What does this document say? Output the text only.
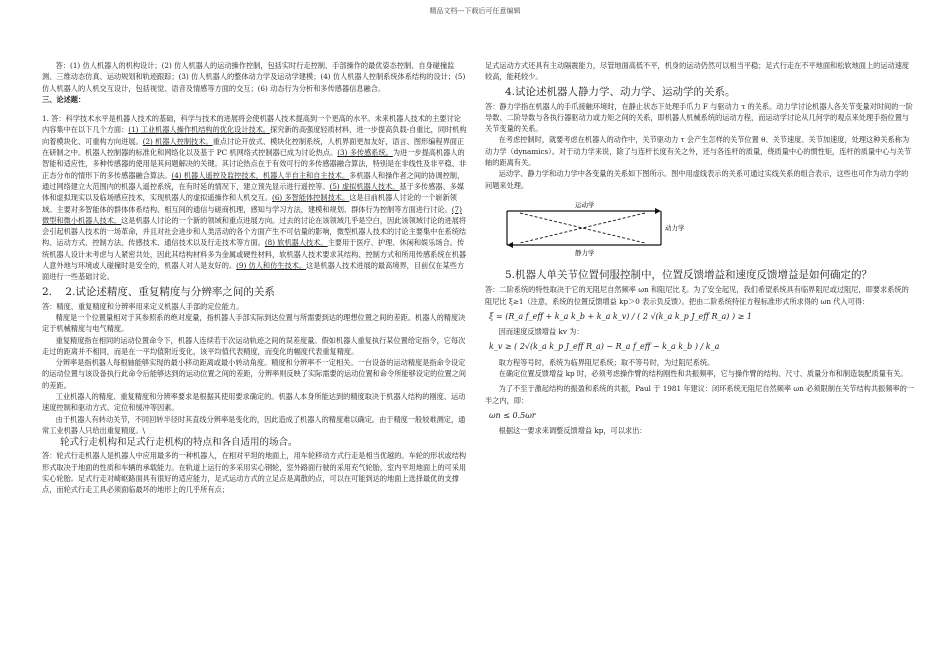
精品文档---下载后可任意编辑

答：(1) 仿人机器人的机构设计；(2) 仿人机器人的运动操作控制，包括实时行走控制、手部操作的最优姿态控制、自身碰撞监测、三维动态仿真、运动规划和轨迹跟踪；(3) 仿人机器人的整体动力学及运动学建模；(4) 仿人机器人控制系统体系结构的设计；(5) 仿人机器人的人机交互设计，包括视觉、语音及情感等方面的交互；(6) 动态行为分析和多传感器信息融合。

三、论述题：

1. 答：科学技术水平是机器人技术的基础，科学与技术的进展将会使机器人技术提高到一个更高的水平。未来机器人技术的主要讨论内容集中在以下几个方面：(1) 工业机器人操作机结构的优化设计技术。探究新的高强度轻质材料，进一步提高负载-自重比，同时机构向着模块化、可重构方向进展。(2) 机器人控制技术。重点讨论开放式、模块化控制系统，人机界面更加友好，语言、图形编程界面正在研制之中。机器人控制器的标准化和网络化以及基于 PC 机网络式控制器已成为讨论热点。(3) 多传感系统。为进一步提高机器人的智能和适应性，多种传感器的使用是其问题解决的关键。其讨论热点在于有效可行的多传感器融合算法，特别是在非线性及非平稳、非正态分布的情形下的多传感器融合算法。(4) 机器人遥控及监控技术，机器人半自主和自主技术。多机器人和操作者之间的协调控制，通过网络建立大范围内的机器人遥控系统，在有时延的情况下，建立预先显示进行遥控等。(5) 虚拟机器人技术。基于多传感器、多媒体和虚拟现实以及临场感应技术，实现机器人的虚拟遥操作和人机交互。(6) 多智能体控制技术。这是目前机器人讨论的一个崭新领域。主要对多智能体的群体体系结构、相互间的通信与磋商机理，感知与学习方法，建模和规划、群体行为控制等方面进行讨论。(7) 微型和微小机器人技术。这是机器人讨论的一个新的领域和重点进展方向。过去的讨论在该领域几乎是空白，因此该领域讨论的进展将会引起机器人技术的一场革命，并且对社会进步和人类活动的各个方面产生不可估量的影响，微型机器人技术的讨论主要集中在系统结构、运动方式、控制方法、传感技术、通信技术以及行走技术等方面。(8) 软机器人技术。主要用于医疗、护理、休闲和娱乐场合。传统机器人设计未考虑与人紧密共处，因此其结构材料多为金属或硬性材料，软机器人技术要求其结构、控制方式和所用传感系统在机器人意外地与环境或人碰撞时是安全的，机器人对人是友好的。(9) 仿人和仿生技术。这是机器人技术进展的最高境界，目前仅在某些方面进行一些基础讨论。

2. 2.试论述精度、重复精度与分辨率之间的关系

答：精度、重复精度和分辨率用来定义机器人手部的定位能力。

精度是一个位置量相对于其参照系的绝对度量，指机器人手部实际到达位置与所需要到达的理想位置之间的差距。机器人的精度决定于机械精度与电气精度。

重复精度指在相同的运动位置命令下，机器人连续若干次运动轨迹之间的误差度量。假如机器人重复执行某位置给定指令，它每次走过的距离并不相同，而是在一平均值附近变化，该平均值代表精度，而变化的幅度代表重复精度。

分辨率是指机器人每根轴能够实现的最小移动距离或最小转动角度。精度和分辨率不一定相关。一台设备的运动精度是指命令设定的运动位置与该设备执行此命令后能够达到的运动位置之间的差距，分辨率则反映了实际需要的运动位置和命令所能够设定的位置之间的差距。

工业机器人的精度、重复精度和分辨率要求是根据其使用要求确定的。机器人本身所能达到的精度取决于机器人结构的刚度、运动速度控制和驱动方式、定位和缓冲等因素。

由于机器人有转动关节，不同回转半径时其直线分辨率是变化的，因此造成了机器人的精度难以确定。由于精度一般较难测定，通常工业机器人只给出重复精度。\

轮式行走机构和足式行走机构的特点和各自适用的场合。

答：轮式行走机器人是机器人中应用最多的一种机器人，在相对平坦的地面上，用车轮移动方式行走是相当优越的。车轮的形状或结构形式取决于地面的性质和车辆的承载能力。在轨道上运行的多采用实心钢轮，室外路面行驶的采用充气轮胎，室内平坦地面上的可采用实心轮胎。足式行走对崎岖路面具有很好的适应能力，足式运动方式的立足点是离散的点，可以在可能到达的地面上选择最优的支撑点，而轮式行走工具必须面临最坏的地形上的几乎所有点；

足式运动方式还具有主动隔震能力，尽管地面高低不平，机身的运动仍然可以相当平稳；足式行走在不平地面和松软地面上的运动速度较高，能耗较少。

4.试论述机器人静力学、动力学、运动学的关系。

答：静力学指在机器人的手爪接触环境时，在静止状态下处理手爪力 F 与驱动力 τ 的关系。动力学讨论机器人各关节变量对时间的一阶导数、二阶导数与各执行器驱动力或力矩之间的关系，即机器人机械系统的运动方程，而运动学讨论从几何学的观点来处理手指位置与关节变量的关系。

在考虑控制时，就要考虑在机器人的动作中，关节驱动力 τ 会产生怎样的关节位置 θ、关节速度、关节加速度，处理这种关系称为动力学（dynamics）。对于动力学来说，除了与连杆长度有关之外，还与各连杆的质量，绕质量中心的惯性矩，连杆的质量中心与关节轴的距离有关。

运动学、静力学和动力学中各变量的关系如下图所示。图中用虚线表示的关系可通过实线关系的组合表示，这些也可作为动力学的问题来处理。

运动学
动力学
静力学
5.机器人单关节位置伺服控制中，位置反馈增益和速度反馈增益是如何确定的？

答：二阶系统的特性取决于它的无阻尼自然频率 ωn 和阻尼比 ξ。为了安全起见，我们希望系统具有临界阻尼或过阻尼，即要求系统的阻尼比 ξ≥1（注意，系统的位置反馈增益 kp＞0 表示负反馈）。把由二阶系统特征方程标准形式所求得的 ωn 代入可得：

ξ = (R_a f_eff + k_a k_b + k_a k_v) / ( 2 √(k_a k_p J_eff R_a) ) ≥ 1

因而速度反馈增益 kv 为：

k_v ≥ ( 2√(k_a k_p J_eff R_a) − R_a f_eff − k_a k_b ) / k_a

取方程等号时，系统为临界阻尼系统；取不等号时，为过阻尼系统。

在确定位置反馈增益 kp 时，必须考虑操作臂的结构刚性和共振频率，它与操作臂的结构、尺寸、质量分布和制造装配质量有关。

为了不至于激起结构的振盈和系统的共振，Paul 于 1981 年建议：闭环系统无阻尼自然频率 ωn 必须限制在关节结构共振频率的一半之内，即：

ωn ≤ 0.5ωr

根据这一要求来调整反馈增益 kp，可以求出：
